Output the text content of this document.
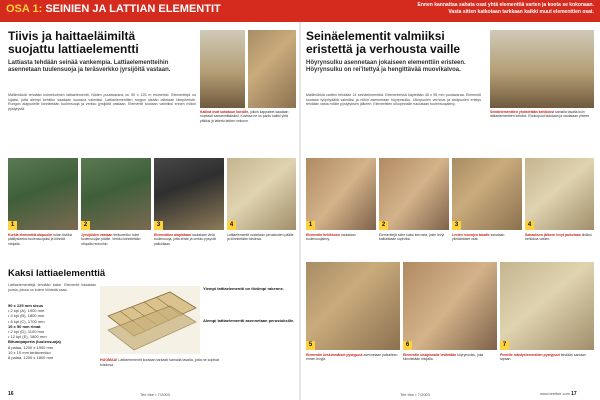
OSA 1: SEINIEN JA LATTIAN ELEMENTIT	Ennen kannattaa sahata osat yhtä elementtiä varten ja koota se kokonaan.
Vasta sitten katkotaan tarkkaan kaikki muut elementtien osat.
Tiivis ja haittaeläimiltä
suojattu lattiaelementti
Lattiasta tehdään seinää vankempia. Lattiaelementteihin asennetaan tuulensuoja ja teräsverkko jyrsijöitä vastaan.
Mallimökkiä tehdään kolmekolmen lattiaelementti. Niiden puutavarana on 50 x 125 m esimerkki. Elementtejä on lujaksi, jotta alempi kehikko saadaan suorana valmiiksi. Lattiaelementtien rungon sisään laitetaan lämpöeriste. Rungon alapuolelle kiinnitetään tuulensuoja ja verkko jyrsijöitä vastaan. Elementit kootaan valmiiksi ennen mökin pystytystä.
Kalikot ovat sahatuun koroille, jolloin kappaleet saadaan nopeasti samanmittaisiksi. Kuvissa ne on pantu kaikki yhtä pitkiksi ja laitettu lattian runkoon.
1	2	3	4
Kurkia elementtiä alapuolin rullan tiiviiksi päällysteeksi tuulensuojaksi ja kiinnitä nitojalla.
Jyrsijöiden vastaan teräsverkko tulee tuulensuojan päälle. Verkko kiinnitetään nitojalla reunoihin.
Elementtien alapintaan naulataan vielä tuulensuoja, jotta eriste ja verkko pysyvät paikoillaan.
Lattiaelementit nostetaan perustusten päälle ja kiinnitetään toisiinsa.
Kaksi lattiaelementtiä
Lattiaelementtejä tehdään kaksi. Elementit kasataan puista, joissa on kolme kiinteää osaa.
90 x 125 mm sisus
• 2 kpl (A), 1900 mm
• 4 kpl (B), 1800 mm
• 8 kpl (C), 1700 mm
19 x 50 mm rimat
• 2 kpl (D), 1100 mm
• 12 kpl (E), 1800 mm
Bitumipaperia (tuulensuoja)
8 palaa, 1200 x 1900 mm
10 x 10 mm teräsverkko
8 palaa, 1200 x 1800 mm
Ylempi lattiaelementti on tiiviimpi rakenne.
Alempi lattiaelementti asennetaan perustuksille.
HUOMAA! Lattiaelementit kootaan tarkasti samalla tavalla, jotta ne sopivat toisiinsa.
16	Tee Itse • 7/2003
Seinäelementit valmiiksi
eristettä ja verhousta vaille
Höyrynsulku asennetaan jokaiseen elementtiin eristeen. Höyrynsulku on rei'itettyä ja hengittävää muovikalvoa.
Mallimökkiä vartten tehdään 14 seinäelementtiä. Elementeissä käytetään 45 x 95 mm puutavaraa. Elementit kootaan työpöydällä valmiiksi ja niihin asennetaan höyrynsulku. Ulkopuolen verhous ja sisäpuolen eristys tehdään vasta mökin pystytyksen jälkeen. Elementtien ulkopinnalle naulataan tuulensuojalevy.
Seinäelementtien yhdistetään kehikoksi samalla tavalla kuin lattiaelementtien kehikot. Runkopuut ladotaan ja naulataan yhteen.
1	2	3	4
Elementin kehikkoon naulataan tuulensuojalevy.
Elementtejä tulee kaksi kerrosta, joten levyt katkaistaan sopiviksi.
Levien reunojen tasalle sahataan ylimääräiset osat.
Sahauksen jälkeen levyt painetaan tiiviiksi kehikkoa vasten.
5	6	7
Elementin keskimmäiset pystypuut asennetaan paikalleen ennen levyjä.
Elementin sisäpinnalle levitetään höyrynsulku, joka kiinnitetään nitojalla.
Pienelle mäntyelementtien pystypuut tehdään samaan tapaan.
Tee Itse • 7/2003	www.teeitse.com 17
